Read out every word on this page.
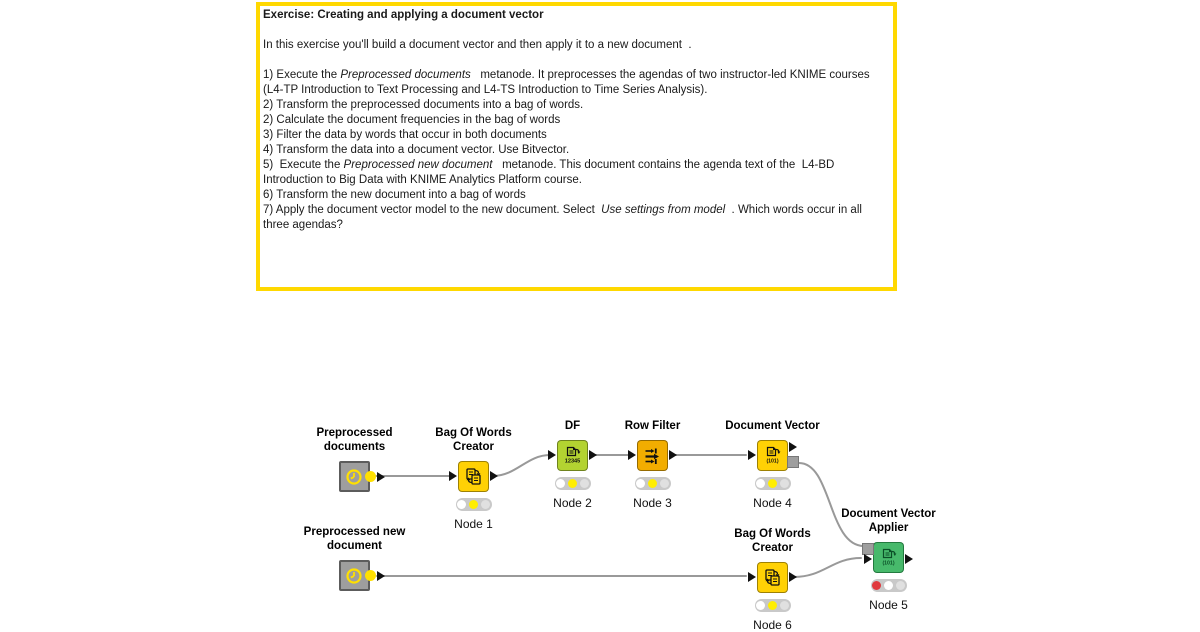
Exercise: Creating and applying a document vector

In this exercise you'll build a document vector and then apply it to a new document  .

1) Execute the Preprocessed documents   metanode. It preprocesses the agendas of two instructor-led KNIME courses (L4-TP Introduction to Text Processing and L4-TS Introduction to Time Series Analysis).
2) Transform the preprocessed documents into a bag of words.
2) Calculate the document frequencies in the bag of words
3) Filter the data by words that occur in both documents
4) Transform the data into a document vector. Use Bitvector.
5)  Execute the Preprocessed new document   metanode. This document contains the agenda text of the  L4-BD Introduction to Big Data with KNIME Analytics Platform course.
6) Transform the new document into a bag of words
7) Apply the document vector model to the new document. Select  Use settings from model  . Which words occur in all three agendas?

Preprocessed documents
Bag Of Words Creator
Node 1
DF
12345
Node 2
Row Filter
Node 3
Document Vector
(101)
Node 4
Preprocessed new document
Bag Of Words Creator
Node 6
Document Vector Applier
(101)
Node 5
